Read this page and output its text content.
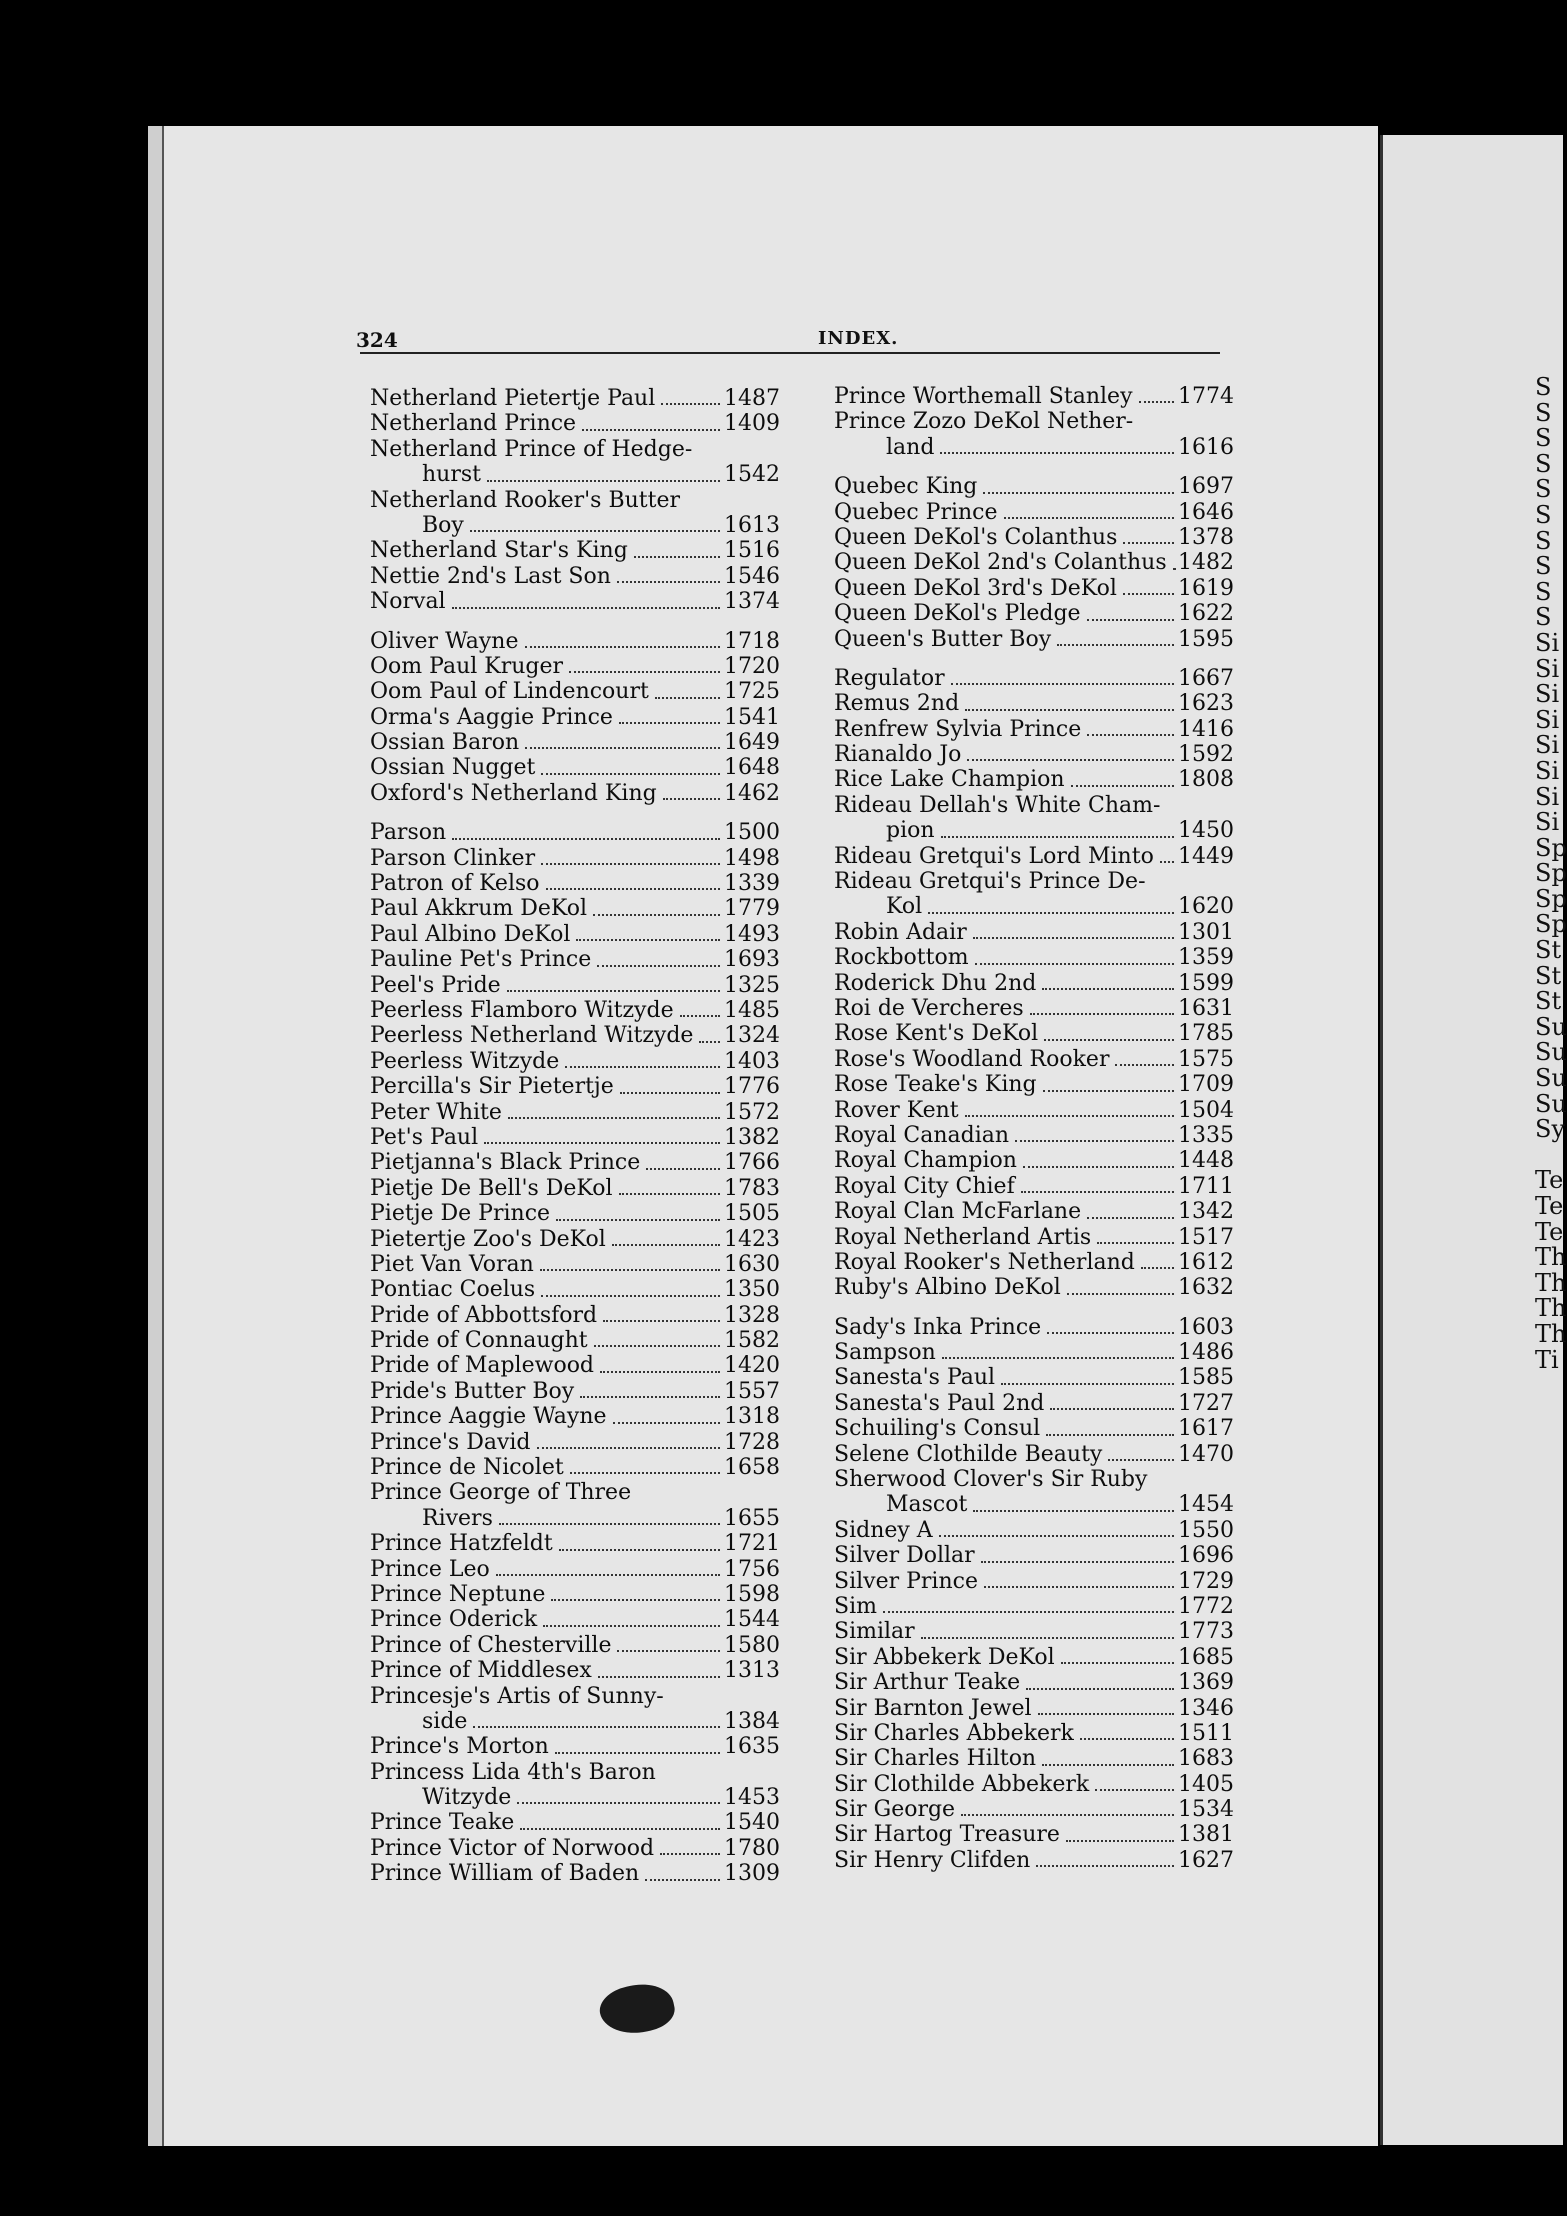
S
S
S
S
S
S
S
S
S
S
Si
Si
Si
Si
Si
Si
Si
Si
Sp
Sp
Sp
Sp
St
St
St
Su
Su
Su
Su
Sy
Te
Te
Te
Th
Th
Th
Th
Ti
324	INDEX.
Netherland Pietertje Paul	1487
Netherland Prince	1409
Netherland Prince of Hedge-
hurst	1542
Netherland Rooker's Butter
Boy	1613
Netherland Star's King	1516
Nettie 2nd's Last Son	1546
Norval	1374
Oliver Wayne	1718
Oom Paul Kruger	1720
Oom Paul of Lindencourt	1725
Orma's Aaggie Prince	1541
Ossian Baron	1649
Ossian Nugget	1648
Oxford's Netherland King	1462
Parson	1500
Parson Clinker	1498
Patron of Kelso	1339
Paul Akkrum DeKol	1779
Paul Albino DeKol	1493
Pauline Pet's Prince	1693
Peel's Pride	1325
Peerless Flamboro Witzyde 1485
Peerless Netherland Witzyde 1324
Peerless Witzyde	1403
Percilla's Sir Pietertje	1776
Peter White	1572
Pet's Paul	1382
Pietjanna's Black Prince	1766
Pietje De Bell's DeKol	1783
Pietje De Prince	1505
Pietertje Zoo's DeKol	1423
Piet Van Voran	1630
Pontiac Coelus	1350
Pride of Abbottsford	1328
Pride of Connaught	1582
Pride of Maplewood	1420
Pride's Butter Boy	1557
Prince Aaggie Wayne	1318
Prince's David	1728
Prince de Nicolet	1658
Prince George of Three
Rivers	1655
Prince Hatzfeldt	1721
Prince Leo	1756
Prince Neptune	1598
Prince Oderick	1544
Prince of Chesterville	1580
Prince of Middlesex	1313
Princesje's Artis of Sunny-
side	1384
Prince's Morton	1635
Princess Lida 4th's Baron
Witzyde	1453
Prince Teake	1540
Prince Victor of Norwood	1780
Prince William of Baden	1309
Prince Worthemall Stanley 1774
Prince Zozo DeKol Nether-
land	1616
Quebec King	1697
Quebec Prince	1646
Queen DeKol's Colanthus	1378
Queen DeKol 2nd's Colanthus 1482
Queen DeKol 3rd's DeKol	1619
Queen DeKol's Pledge	1622
Queen's Butter Boy	1595
Regulator	1667
Remus 2nd	1623
Renfrew Sylvia Prince	1416
Rianaldo Jo	1592
Rice Lake Champion	1808
Rideau Dellah's White Cham-
pion	1450
Rideau Gretqui's Lord Minto 1449
Rideau Gretqui's Prince De-
Kol	1620
Robin Adair	1301
Rockbottom	1359
Roderick Dhu 2nd	1599
Roi de Vercheres	1631
Rose Kent's DeKol	1785
Rose's Woodland Rooker	1575
Rose Teake's King	1709
Rover Kent	1504
Royal Canadian	1335
Royal Champion	1448
Royal City Chief	1711
Royal Clan McFarlane	1342
Royal Netherland Artis	1517
Royal Rooker's Netherland 1612
Ruby's Albino DeKol	1632
Sady's Inka Prince	1603
Sampson	1486
Sanesta's Paul	1585
Sanesta's Paul 2nd	1727
Schuiling's Consul	1617
Selene Clothilde Beauty	1470
Sherwood Clover's Sir Ruby
Mascot	1454
Sidney A	1550
Silver Dollar	1696
Silver Prince	1729
Sim	1772
Similar	1773
Sir Abbekerk DeKol	1685
Sir Arthur Teake	1369
Sir Barnton Jewel	1346
Sir Charles Abbekerk	1511
Sir Charles Hilton	1683
Sir Clothilde Abbekerk	1405
Sir George	1534
Sir Hartog Treasure	1381
Sir Henry Clifden	1627
